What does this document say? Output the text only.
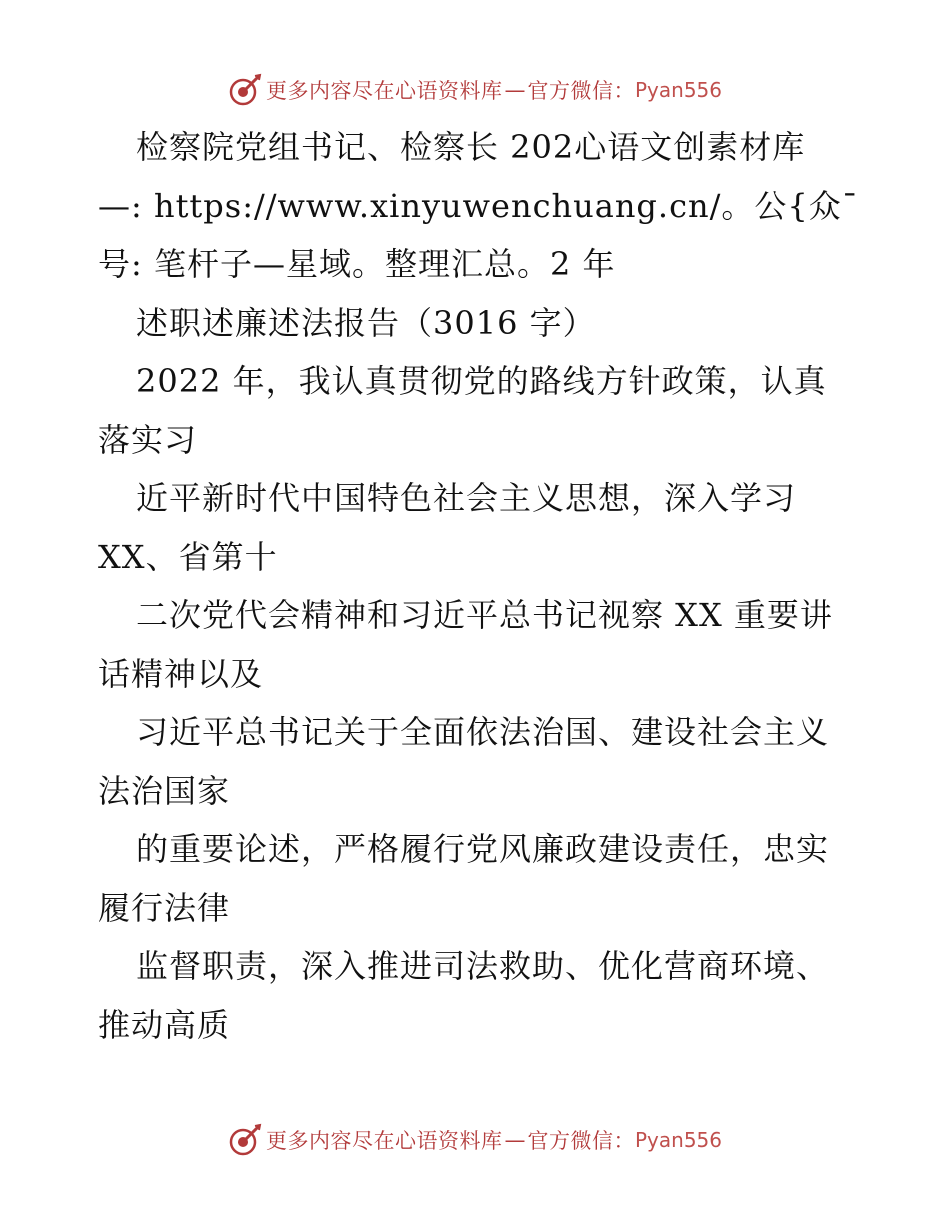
更多内容尽在心语资料库 — 官方微信： Pyan556
检察院党组书记、检察长 202心语文创素材库
—: https://www.xinyuwenchuang.cn/。公{众¯
号: 笔杆子—星域。整理汇总。2 年
述职述廉述法报告（3016 字）
2022 年，我认真贯彻党的路线方针政策，认真
落实习
近平新时代中国特色社会主义思想，深入学习
XX、省第十
二次党代会精神和习近平总书记视察 XX 重要讲
话精神以及
习近平总书记关于全面依法治国、建设社会主义
法治国家
的重要论述，严格履行党风廉政建设责任，忠实
履行法律
监督职责，深入推进司法救助、优化营商环境、
推动高质
更多内容尽在心语资料库 — 官方微信： Pyan556
